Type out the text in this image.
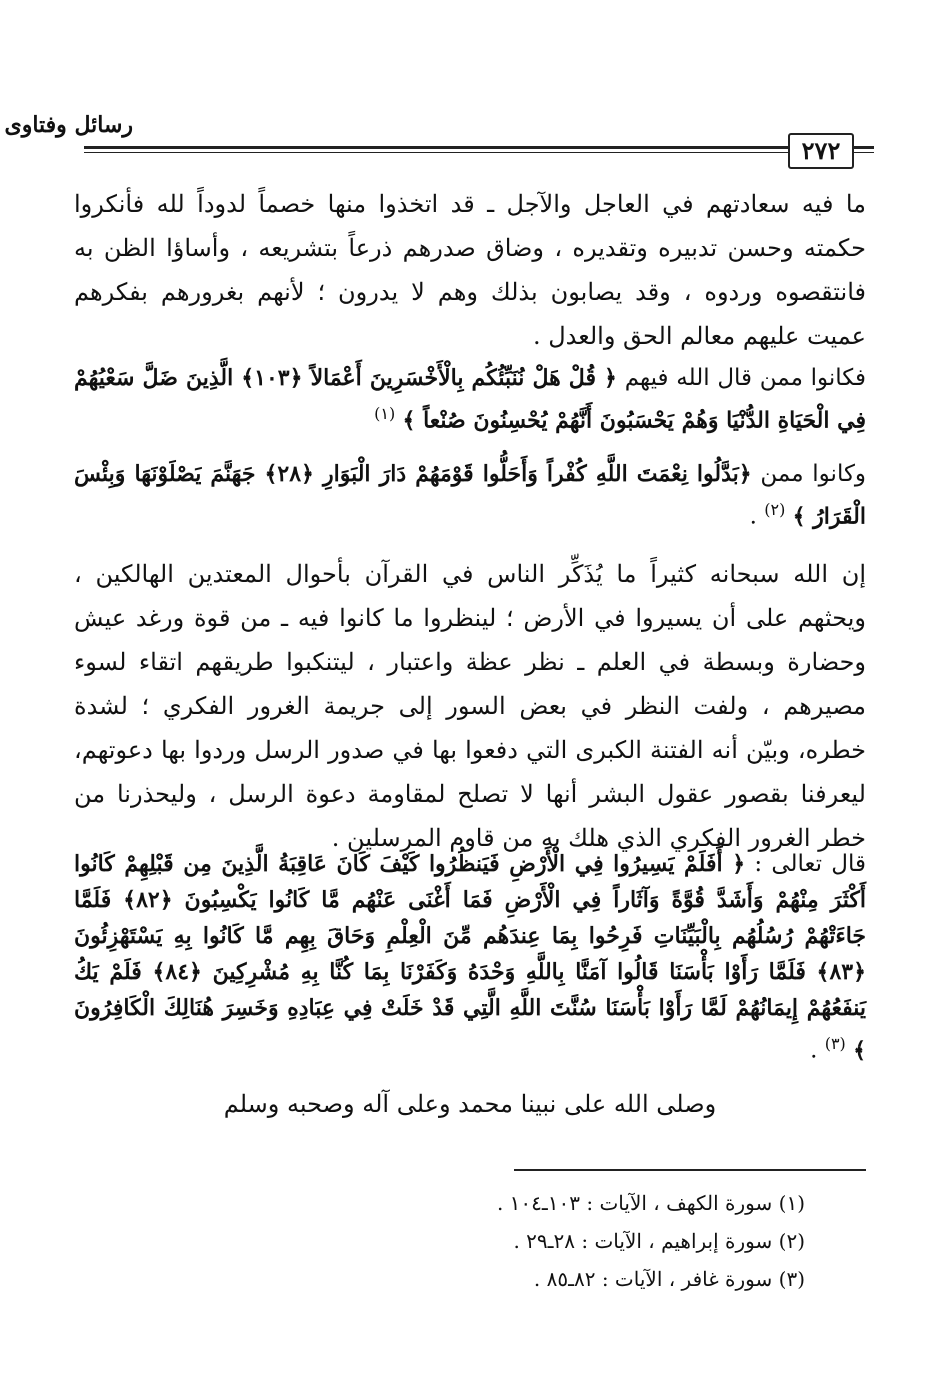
رسائل وفتاوى
٢٧٢

ما فيه سعادتهم في العاجل والآجل ـ قد اتخذوا منها خصماً لدوداً لله فأنكروا حكمته وحسن تدبيره وتقديره ، وضاق صدرهم ذرعاً بتشريعه ، وأساؤا الظن به فانتقصوه وردوه ، وقد يصابون بذلك وهم لا يدرون ؛ لأنهم بغرورهم بفكرهم عميت عليهم معالم الحق والعدل .

فكانوا ممن قال الله فيهم ﴿ قُلْ هَلْ نُنَبِّئُكُم بِالْأَخْسَرِينَ أَعْمَالاً ﴿١٠٣﴾ الَّذِينَ ضَلَّ سَعْيُهُمْ فِي الْحَيَاةِ الدُّنْيَا وَهُمْ يَحْسَبُونَ أَنَّهُمْ يُحْسِنُونَ صُنْعاً ﴾ $^{(١)}$

وكانوا ممن ﴿بَدَّلُوا نِعْمَتَ اللَّهِ كُفْراً وَأَحَلُّوا قَوْمَهُمْ دَارَ الْبَوَارِ ﴿٢٨﴾ جَهَنَّمَ يَصْلَوْنَهَا وَبِئْسَ الْقَرَارُ ﴾ $^{(٢)}$ .

إن الله سبحانه كثيراً ما يُذَكِّر الناس في القرآن بأحوال المعتدين الهالكين ، ويحثهم على أن يسيروا في الأرض ؛ لينظروا ما كانوا فيه ـ من قوة ورغد عيش وحضارة وبسطة في العلم ـ نظر عظة واعتبار ، ليتنكبوا طريقهم اتقاء لسوء مصيرهم ، ولفت النظر في بعض السور إلى جريمة الغرور الفكري ؛ لشدة خطره، وبيّن أنه الفتنة الكبرى التي دفعوا بها في صدور الرسل وردوا بها دعوتهم، ليعرفنا بقصور عقول البشر أنها لا تصلح لمقاومة دعوة الرسل ، وليحذرنا من خطر الغرور الفكري الذي هلك به من قاوم المرسلين .

قال تعالى : ﴿ أَفَلَمْ يَسِيرُوا فِي الْأَرْضِ فَيَنظُرُوا كَيْفَ كَانَ عَاقِبَةُ الَّذِينَ مِن قَبْلِهِمْ كَانُوا أَكْثَرَ مِنْهُمْ وَأَشَدَّ قُوَّةً وَآثَاراً فِي الْأَرْضِ فَمَا أَغْنَى عَنْهُم مَّا كَانُوا يَكْسِبُونَ ﴿٨٢﴾ فَلَمَّا جَاءَتْهُمْ رُسُلُهُم بِالْبَيِّنَاتِ فَرِحُوا بِمَا عِندَهُم مِّنَ الْعِلْمِ وَحَاقَ بِهِم مَّا كَانُوا بِهِ يَسْتَهْزِئُونَ ﴿٨٣﴾ فَلَمَّا رَأَوْا بَأْسَنَا قَالُوا آمَنَّا بِاللَّهِ وَحْدَهُ وَكَفَرْنَا بِمَا كُنَّا بِهِ مُشْرِكِينَ ﴿٨٤﴾ فَلَمْ يَكُ يَنفَعُهُمْ إِيمَانُهُمْ لَمَّا رَأَوْا بَأْسَنَا سُنَّتَ اللَّهِ الَّتِي قَدْ خَلَتْ فِي عِبَادِهِ وَخَسِرَ هُنَالِكَ الْكَافِرُونَ ﴾ $^{(٣)}$ .

وصلى الله على نبينا محمد وعلى آله وصحبه وسلم

(١) سورة الكهف ، الآيات : ١٠٣ـ١٠٤ .

(٢) سورة إبراهيم ، الآيات : ٢٨ـ٢٩ .

(٣) سورة غافر ، الآيات : ٨٢ـ٨٥ .
